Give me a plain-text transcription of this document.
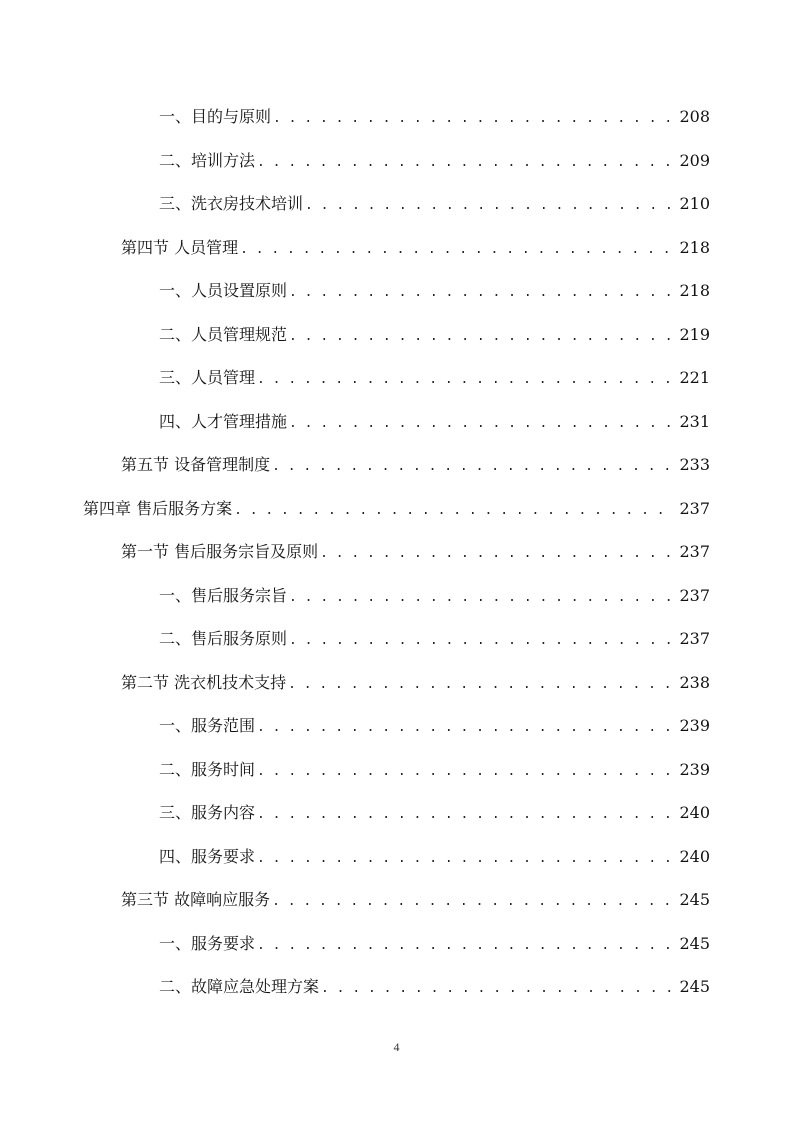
一、目的与原则 . . .	208
二、培训方法 . . .	209
三、洗衣房技术培训 . . .	210
第四节 人员管理 . . .	218
一、人员设置原则 . . .	218
二、人员管理规范 . . .	219
三、人员管理 . . .	221
四、人才管理措施 . . .	231
第五节 设备管理制度 . . .	233
第四章 售后服务方案 . . .	237
第一节 售后服务宗旨及原则 . . .	237
一、售后服务宗旨 . . .	237
二、售后服务原则 . . .	237
第二节 洗衣机技术支持 . . .	238
一、服务范围 . . .	239
二、服务时间 . . .	239
三、服务内容 . . .	240
四、服务要求 . . .	240
第三节 故障响应服务 . . .	245
一、服务要求 . . .	245
二、故障应急处理方案 . . .	245
4
